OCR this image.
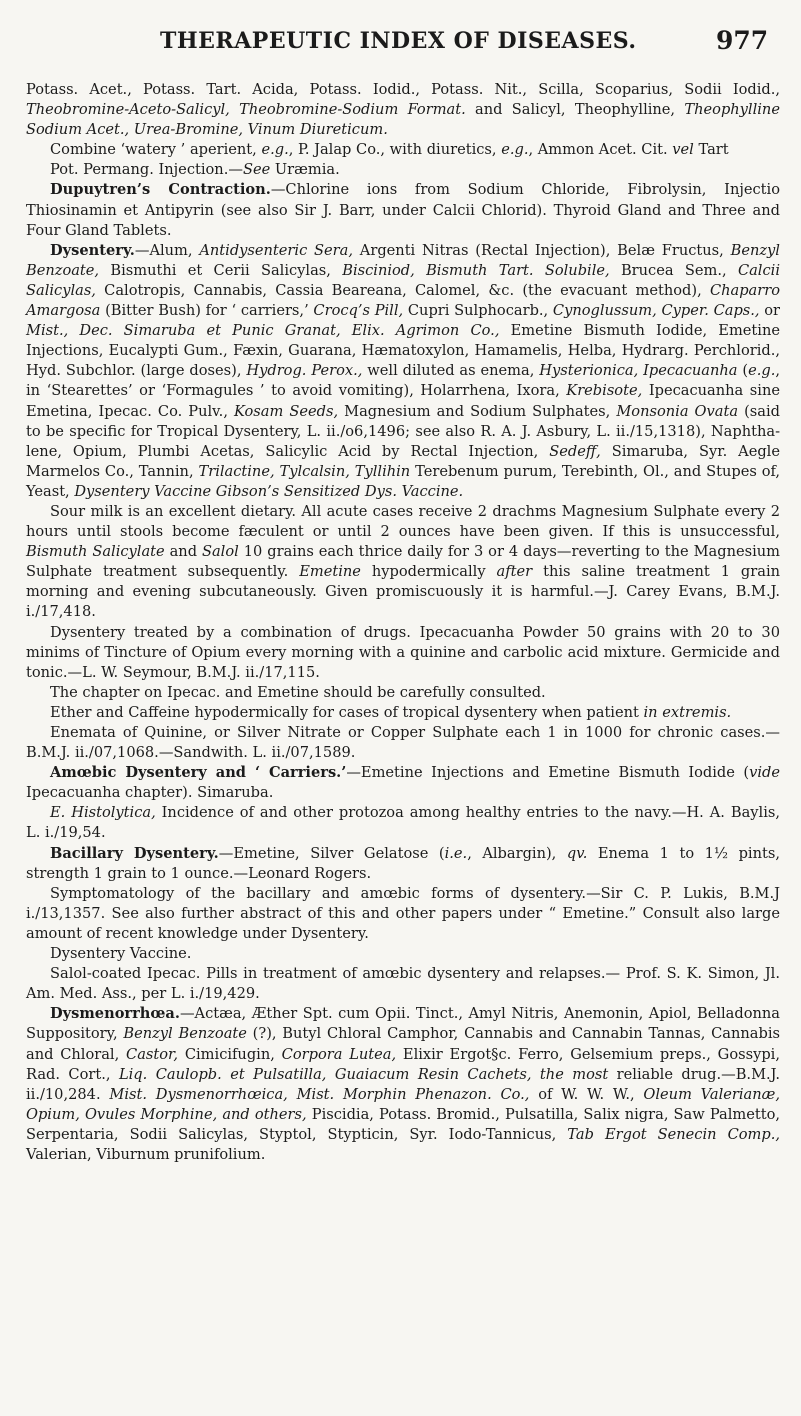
THERAPEUTIC INDEX OF DISEASES.	977

Potass. Acet., Potass. Tart. Acida, Potass. Iodid., Potass. Nit., Scilla, Scoparius, Sodii Iodid., Theobromine-Aceto-Salicyl, Theobromine-Sodium Format. and Salicyl, Theophylline, Theophylline Sodium Acet., Urea-Bromine, Vinum Diureticum.

Combine ‘watery ’ aperient, e.g., P. Jalap Co., with diuretics, e.g., Ammon Acet. Cit. vel Tart

Pot. Permang. Injection.—See Uræmia.

Dupuytren’s Contraction.—Chlorine ions from Sodium Chloride, Fibrolysin, Injectio Thiosinamin et Antipyrin (see also Sir J. Barr, under Calcii Chlorid). Thyroid Gland and Three and Four Gland Tablets.

Dysentery.—Alum, Antidysenteric Sera, Argenti Nitras (Rectal Injection), Belæ Fructus, Benzyl Benzoate, Bismuthi et Cerii Salicylas, Bisciniod, Bismuth Tart. Solubile, Brucea Sem., Calcii Salicylas, Calotropis, Cannabis, Cassia Beareana, Calomel, &c. (the evacuant method), Chaparro Amargosa (Bitter Bush) for ‘ carriers,’ Crocq’s Pill, Cupri Sulphocarb., Cynoglussum, Cyper. Caps., or Mist., Dec. Simaruba et Punic Granat, Elix. Agrimon Co., Emetine Bismuth Iodide, Emetine Injections, Eucalypti Gum., Fæxin, Guarana, Hæmatoxylon, Hamamelis, Helba, Hydrarg. Perchlorid., Hyd. Subchlor. (large doses), Hydrog. Perox., well diluted as enema, Hysterionica, Ipecacuanha (e.g., in ‘Stearettes’ or ‘Formagules ’ to avoid vomiting), Holarrhena, Ixora, Krebisote, Ipecacuanha sine Emetina, Ipecac. Co. Pulv., Kosam Seeds, Magnesium and Sodium Sulphates, Monsonia Ovata (said to be specific for Tropical Dysentery, L. ii./o6,1496; see also R. A. J. Asbury, L. ii./15,1318), Naphthalene, Opium, Plumbi Acetas, Salicylic Acid by Rectal Injection, Sedeff, Simaruba, Syr. Aegle Marmelos Co., Tannin, Trilactine, Tylcalsin, Tyllihin Terebenum purum, Terebinth, Ol., and Stupes of, Yeast, Dysentery Vaccine Gibson’s Sensitized Dys. Vaccine.

Sour milk is an excellent dietary. All acute cases receive 2 drachms Magnesium Sulphate every 2 hours until stools become fæculent or until 2 ounces have been given. If this is unsuccessful, Bismuth Salicylate and Salol 10 grains each thrice daily for 3 or 4 days—reverting to the Magnesium Sulphate treatment subsequently. Emetine hypodermically after this saline treatment 1 grain morning and evening subcutaneously. Given promiscuously it is harmful.—J. Carey Evans, B.M.J. i./17,418.

Dysentery treated by a combination of drugs. Ipecacuanha Powder 50 grains with 20 to 30 minims of Tincture of Opium every morning with a quinine and carbolic acid mixture. Germicide and tonic.—L. W. Seymour, B.M.J. ii./17,115.

The chapter on Ipecac. and Emetine should be carefully consulted.

Ether and Caffeine hypodermically for cases of tropical dysentery when patient in extremis.

Enemata of Quinine, or Silver Nitrate or Copper Sulphate each 1 in 1000 for chronic cases.—B.M.J. ii./07,1068.—Sandwith. L. ii./07,1589.

Amœbic Dysentery and ‘ Carriers.’—Emetine Injections and Emetine Bismuth Iodide (vide Ipecacuanha chapter). Simaruba.

E. Histolytica, Incidence of and other protozoa among healthy entries to the navy.—H. A. Baylis, L. i./19,54.

Bacillary Dysentery.—Emetine, Silver Gelatose (i.e., Albargin), qv. Enema 1 to 1½ pints, strength 1 grain to 1 ounce.—Leonard Rogers.

Symptomatology of the bacillary and amœbic forms of dysentery.—Sir C. P. Lukis, B.M.J i./13,1357. See also further abstract of this and other papers under “ Emetine.” Consult also large amount of recent knowledge under Dysentery.

Dysentery Vaccine.

Salol-coated Ipecac. Pills in treatment of amœbic dysentery and relapses.— Prof. S. K. Simon, Jl. Am. Med. Ass., per L. i./19,429.

Dysmenorrhœa.—Actæa, Æther Spt. cum Opii. Tinct., Amyl Nitris, Anemonin, Apiol, Belladonna Suppository, Benzyl Benzoate (?), Butyl Chloral Camphor, Cannabis and Cannabin Tannas, Cannabis and Chloral, Castor, Cimicifugin, Corpora Lutea, Elixir Ergot§c. Ferro, Gelsemium preps., Gossypi, Rad. Cort., Liq. Caulopb. et Pulsatilla, Guaiacum Resin Cachets, the most reliable drug.—B.M.J. ii./10,284. Mist. Dysmenorrhœica, Mist. Morphin Phenazon. Co., of W. W. W., Oleum Valerianæ, Opium, Ovules Morphine, and others, Piscidia, Potass. Bromid., Pulsatilla, Salix nigra, Saw Palmetto, Serpentaria, Sodii Salicylas, Styptol, Stypticin, Syr. Iodo-Tannicus, Tab Ergot Senecin Comp., Valerian, Viburnum prunifolium.
